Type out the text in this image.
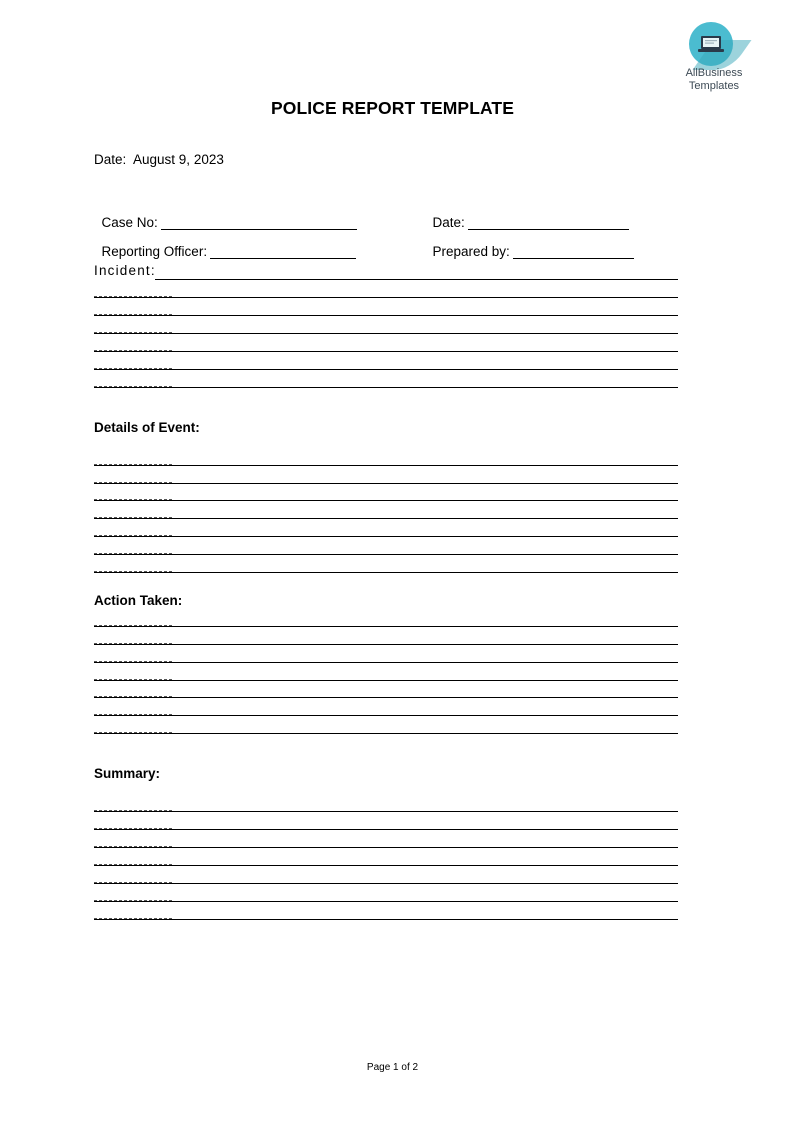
AllBusiness
Templates
POLICE REPORT TEMPLATE
Date:  August 9, 2023

Case No:	Date:

Reporting Officer:	Prepared by:

Incident:
Details of Event:
Action Taken:
Summary:
Page 1 of 2
